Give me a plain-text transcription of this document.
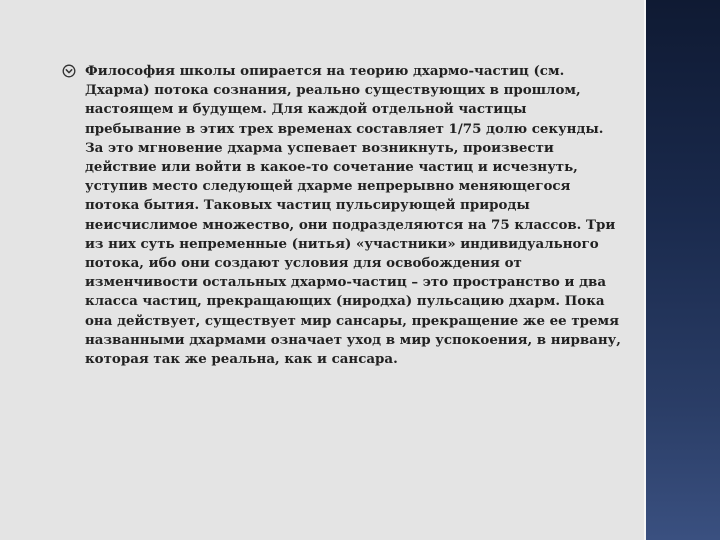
Философия школы опирается на теорию дхармо-частиц (см. Дхарма) потока сознания, реально существующих в прошлом, настоящем и будущем. Для каждой отдельной частицы пребывание в этих трех временах составляет 1/75 долю секунды. За это мгновение дхарма успевает возникнуть, произвести действие или войти в какое-то сочетание частиц и исчезнуть, уступив место следующей дхарме непрерывно меняющегося потока бытия. Таковых частиц пульсирующей природы неисчислимое множество, они подразделяются на 75 классов. Три из них суть непременные (нитья) «участники» индивидуального потока, ибо они создают условия для освобождения от изменчивости остальных дхармо-частиц – это пространство и два класса частиц, прекращающих (ниродха) пульсацию дхарм. Пока она действует, существует мир сансары, прекращение же ее тремя названными дхармами означает уход в мир успокоения, в нирвану, которая так же реальна, как и сансара.
